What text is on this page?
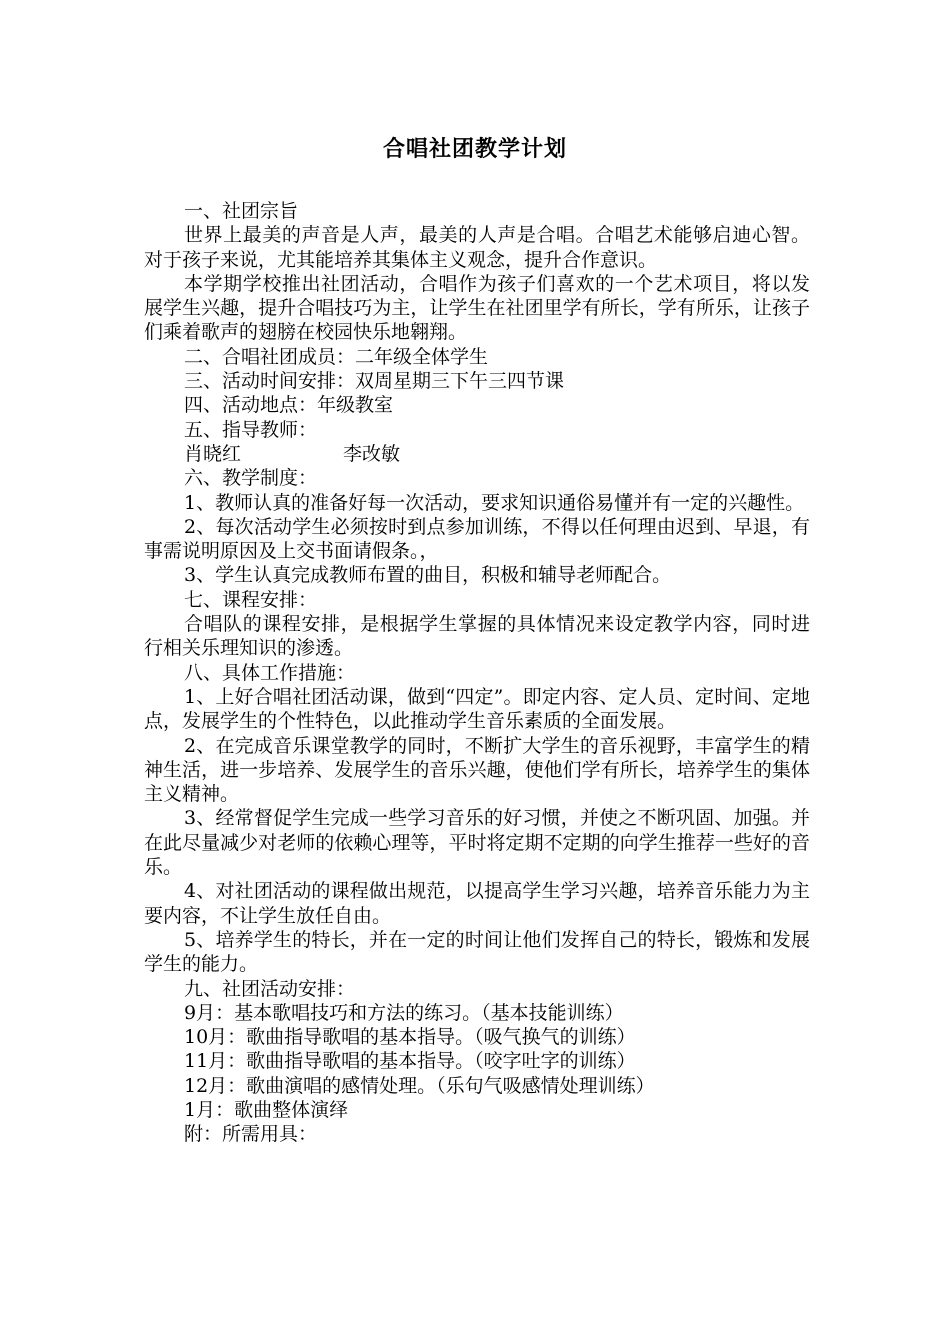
合唱社团教学计划

一、社团宗旨

世界上最美的声音是人声，最美的人声是合唱。合唱艺术能够启迪心智。对于孩子来说，尤其能培养其集体主义观念，提升合作意识。

本学期学校推出社团活动，合唱作为孩子们喜欢的一个艺术项目，将以发展学生兴趣，提升合唱技巧为主，让学生在社团里学有所长，学有所乐，让孩子们乘着歌声的翅膀在校园快乐地翱翔。

二、合唱社团成员：二年级全体学生

三、活动时间安排：双周星期三下午三四节课

四、活动地点：年级教室

五、指导教师：

肖晓红	李改敏

六、教学制度：

1、教师认真的准备好每一次活动，要求知识通俗易懂并有一定的兴趣性。

2、每次活动学生必须按时到点参加训练，不得以任何理由迟到、早退，有事需说明原因及上交书面请假条。，

3、学生认真完成教师布置的曲目，积极和辅导老师配合。

七、课程安排：

合唱队的课程安排，是根据学生掌握的具体情况来设定教学内容，同时进行相关乐理知识的渗透。

八、具体工作措施：

1、上好合唱社团活动课，做到“四定”。即定内容、定人员、定时间、定地点，发展学生的个性特色，以此推动学生音乐素质的全面发展。

2、在完成音乐课堂教学的同时，不断扩大学生的音乐视野，丰富学生的精神生活，进一步培养、发展学生的音乐兴趣，使他们学有所长，培养学生的集体主义精神。

3、经常督促学生完成一些学习音乐的好习惯，并使之不断巩固、加强。并在此尽量减少对老师的依赖心理等，平时将定期不定期的向学生推荐一些好的音乐。

4、对社团活动的课程做出规范，以提高学生学习兴趣，培养音乐能力为主要内容，不让学生放任自由。

5、培养学生的特长，并在一定的时间让他们发挥自己的特长，锻炼和发展学生的能力。

九、社团活动安排：

9月：基本歌唱技巧和方法的练习。（基本技能训练）

10月：歌曲指导歌唱的基本指导。（吸气换气的训练）

11月：歌曲指导歌唱的基本指导。（咬字吐字的训练）

12月：歌曲演唱的感情处理。（乐句气吸感情处理训练）

1月：歌曲整体演绎

附：所需用具：
